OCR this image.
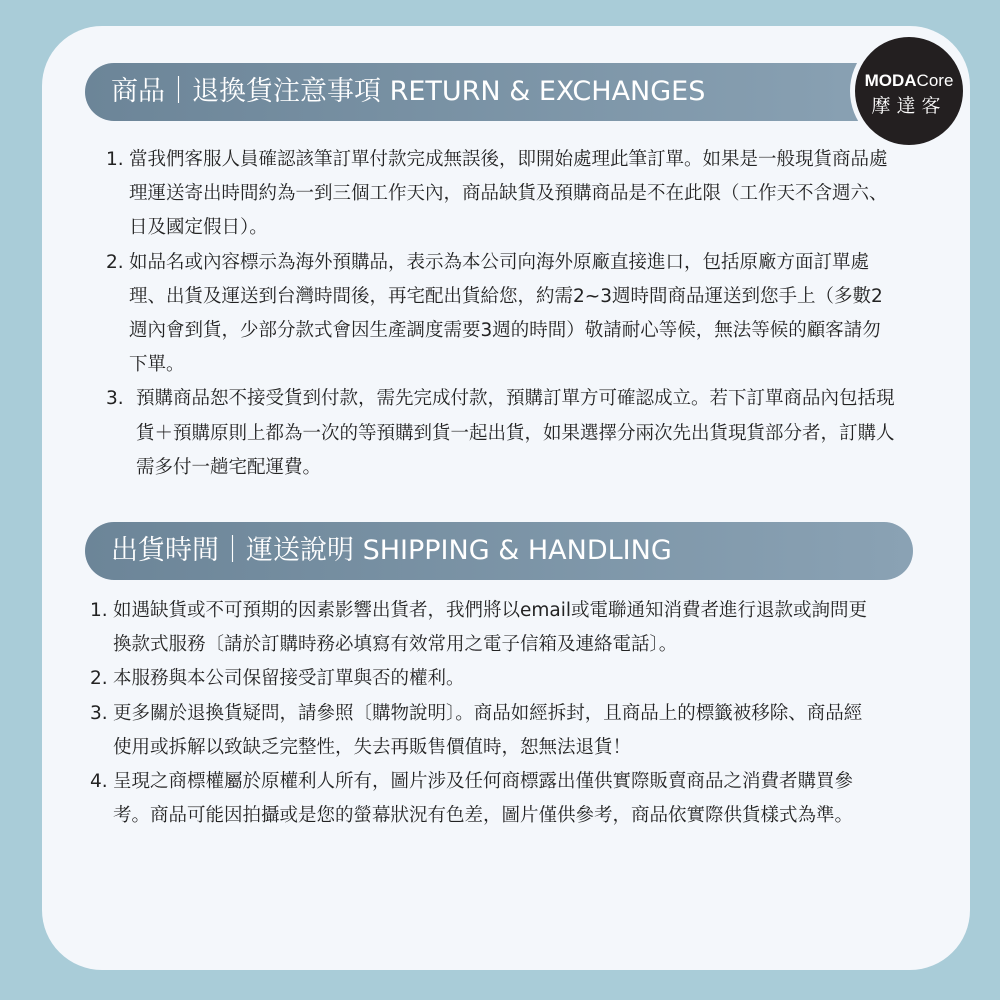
商品｜退換貨注意事項 RETURN & EXCHANGES	MODACore
摩達客
1. 當我們客服人員確認該筆訂單付款完成無誤後，即開始處理此筆訂單。如果是一般現貨商品處理運送寄出時間約為一到三個工作天內，商品缺貨及預購商品是不在此限（工作天不含週六、日及國定假日）。
2. 如品名或內容標示為海外預購品，表示為本公司向海外原廠直接進口，包括原廠方面訂單處理、出貨及運送到台灣時間後，再宅配出貨給您，約需2~3週時間商品運送到您手上（多數2週內會到貨，少部分款式會因生產調度需要3週的時間）敬請耐心等候，無法等候的顧客請勿下單。
3. 預購商品恕不接受貨到付款，需先完成付款，預購訂單方可確認成立。若下訂單商品內包括現貨＋預購原則上都為一次的等預購到貨一起出貨，如果選擇分兩次先出貨現貨部分者，訂購人需多付一趟宅配運費。
出貨時間｜運送說明 SHIPPING & HANDLING
1. 如遇缺貨或不可預期的因素影響出貨者，我們將以email或電聯通知消費者進行退款或詢問更換款式服務〔請於訂購時務必填寫有效常用之電子信箱及連絡電話〕。
2. 本服務與本公司保留接受訂單與否的權利。
3. 更多關於退換貨疑問，請參照〔購物說明〕。商品如經拆封，且商品上的標籤被移除、商品經使用或拆解以致缺乏完整性，失去再販售價值時，恕無法退貨！
4. 呈現之商標權屬於原權利人所有，圖片涉及任何商標露出僅供實際販賣商品之消費者購買參考。商品可能因拍攝或是您的螢幕狀況有色差，圖片僅供參考，商品依實際供貨樣式為準。
